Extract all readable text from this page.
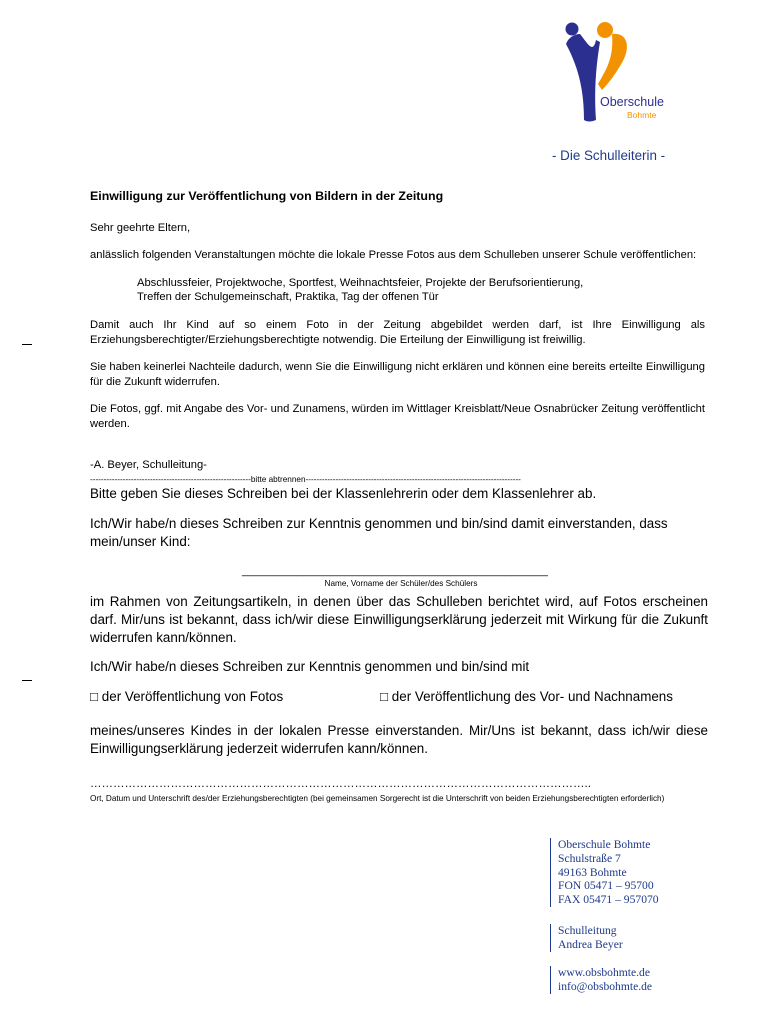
Oberschule
Bohmte
- Die Schulleiterin -
Einwilligung zur Veröffentlichung von Bildern in der Zeitung
Sehr geehrte Eltern,
anlässlich folgenden Veranstaltungen möchte die lokale Presse Fotos aus dem Schulleben unserer Schule veröffentlichen:
Abschlussfeier, Projektwoche, Sportfest, Weihnachtsfeier, Projekte der Berufsorientierung,
Treffen der Schulgemeinschaft, Praktika, Tag der offenen Tür
Damit auch Ihr Kind auf so einem Foto in der Zeitung abgebildet werden darf, ist Ihre Einwilligung als Erziehungsberechtigter/Erziehungsberechtigte notwendig. Die Erteilung der Einwilligung ist freiwillig.
Sie haben keinerlei Nachteile dadurch, wenn Sie die Einwilligung nicht erklären und können eine bereits erteilte Einwilligung für die Zukunft widerrufen.
Die Fotos, ggf. mit Angabe des Vor- und Zunamens, würden im Wittlager Kreisblatt/Neue Osnabrücker Zeitung veröffentlicht werden.
-A. Beyer, Schulleitung-
---------------------------------------------------------- -bitte abtrennen- ------------------------------------------------------------------------------
Bitte geben Sie dieses Schreiben bei der Klassenlehrerin oder dem Klassenlehrer ab.
Ich/Wir habe/n dieses Schreiben zur Kenntnis genommen und bin/sind damit einverstanden, dass mein/unser Kind:
__________________________________________________
Name, Vorname der Schüler/des Schülers
im Rahmen von Zeitungsartikeln, in denen über das Schulleben berichtet wird, auf Fotos erscheinen darf. Mir/uns ist bekannt, dass ich/wir diese Einwilligungserklärung jederzeit mit Wirkung für die Zukunft widerrufen kann/können.
Ich/Wir habe/n dieses Schreiben zur Kenntnis genommen und bin/sind mit
□ der Veröffentlichung von Fotos	□ der Veröffentlichung des Vor- und Nachnamens
meines/unseres Kindes in der lokalen Presse einverstanden. Mir/Uns ist bekannt, dass ich/wir diese Einwilligungserklärung jederzeit widerrufen kann/können.
…………………………………………………………………………………………………………………..
Ort, Datum und Unterschrift des/der Erziehungsberechtigten (bei gemeinsamen Sorgerecht ist die Unterschrift von beiden Erziehungsberechtigten erforderlich)
Oberschule Bohmte
Schulstraße 7
49163 Bohmte
FON 05471 – 95700
FAX 05471 – 957070
Schulleitung
Andrea Beyer
www.obsbohmte.de
info@obsbohmte.de
